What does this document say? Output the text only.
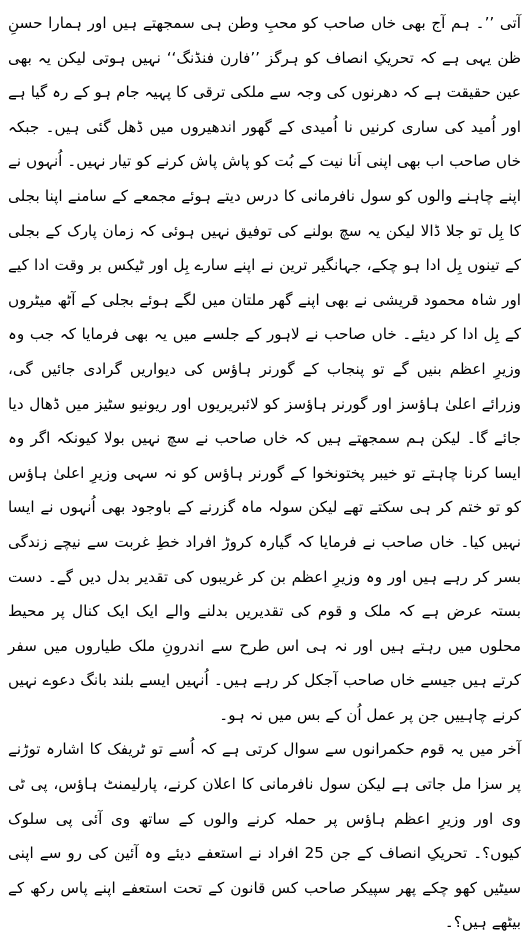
آتی ’’۔ ہم آج بھی خاں صاحب کو محبِ وطن ہی سمجھتے ہیں اور ہمارا حسنِ ظن یہی ہے کہ تحریکِ انصاف کو ہرگز ’’فارن فنڈنگ‘‘ نہیں ہوتی لیکن یہ بھی عین حقیقت ہے کہ دھرنوں کی وجہ سے ملکی ترقی کا پہیہ جام ہو کے رہ گیا ہے اور اُمید کی ساری کرنیں نا اُمیدی کے گھور اندھیروں میں ڈھل گئی ہیں۔ جبکہ خاں صاحب اب بھی اپنی اَنا نیت کے بُت کو پاش پاش کرنے کو تیار نہیں۔ اُنہوں نے اپنے چاہنے والوں کو سول نافرمانی کا درس دیتے ہوئے مجمعے کے سامنے اپنا بجلی کا بِل تو جلا ڈالا لیکن یہ سچ بولنے کی توفیق نہیں ہوئی کہ زمان پارک کے بجلی کے تینوں بِل ادا ہو چکے، جہانگیر ترین نے اپنے سارے بِل اور ٹیکس بر وقت ادا کیے اور شاہ محمود قریشی نے بھی اپنے گھر ملتان میں لگے ہوئے بجلی کے آٹھ میٹروں کے بِل ادا کر دیئے۔ خاں صاحب نے لاہور کے جلسے میں یہ بھی فرمایا کہ جب وہ وزیرِ اعظم بنیں گے تو پنجاب کے گورنر ہاؤس کی دیواریں گرادی جائیں گی، وزرائے اعلیٰ ہاؤسز اور گورنر ہاؤسز کو لائبریریوں اور ریونیو سٹیز میں ڈھال دیا جائے گا۔ لیکن ہم سمجھتے ہیں کہ خاں صاحب نے سچ نہیں بولا کیونکہ اگر وہ ایسا کرنا چاہتے تو خیبر پختونخوا کے گورنر ہاؤس کو نہ سہی وزیرِ اعلیٰ ہاؤس کو تو ختم کر ہی سکتے تھے لیکن سولہ ماہ گزرنے کے باوجود بھی اُنہوں نے ایسا نہیں کیا۔ خاں صاحب نے فرمایا کہ گیارہ کروڑ افراد خطِ غربت سے نیچے زندگی بسر کر رہے ہیں اور وہ وزیرِ اعظم بن کر غریبوں کی تقدیر بدل دیں گے۔ دست بستہ عرض ہے کہ ملک و قوم کی تقدیریں بدلنے والے ایک ایک کنال پر محیط محلوں میں رہتے ہیں اور نہ ہی اس طرح سے اندرونِ ملک طیاروں میں سفر کرتے ہیں جیسے خاں صاحب آجکل کر رہے ہیں۔ اُنہیں ایسے بلند بانگ دعوے نہیں کرنے چاہییں جن پر عمل اُن کے بس میں نہ ہو۔

آخر میں یہ قوم حکمرانوں سے سوال کرتی ہے کہ اُسے تو ٹریفک کا اشارہ توڑنے پر سزا مل جاتی ہے لیکن سول نافرمانی کا اعلان کرنے، پارلیمنٹ ہاؤس، پی ٹی وی اور وزیرِ اعظم ہاؤس پر حملہ کرنے والوں کے ساتھ وی آئی پی سلوک کیوں؟۔ تحریکِ انصاف کے جن 25 افراد نے استعفے دیئے وہ آئین کی رو سے اپنی سیٹیں کھو چکے پھر سپیکر صاحب کس قانون کے تحت استعفے اپنے پاس رکھ کے بیٹھے ہیں؟۔
